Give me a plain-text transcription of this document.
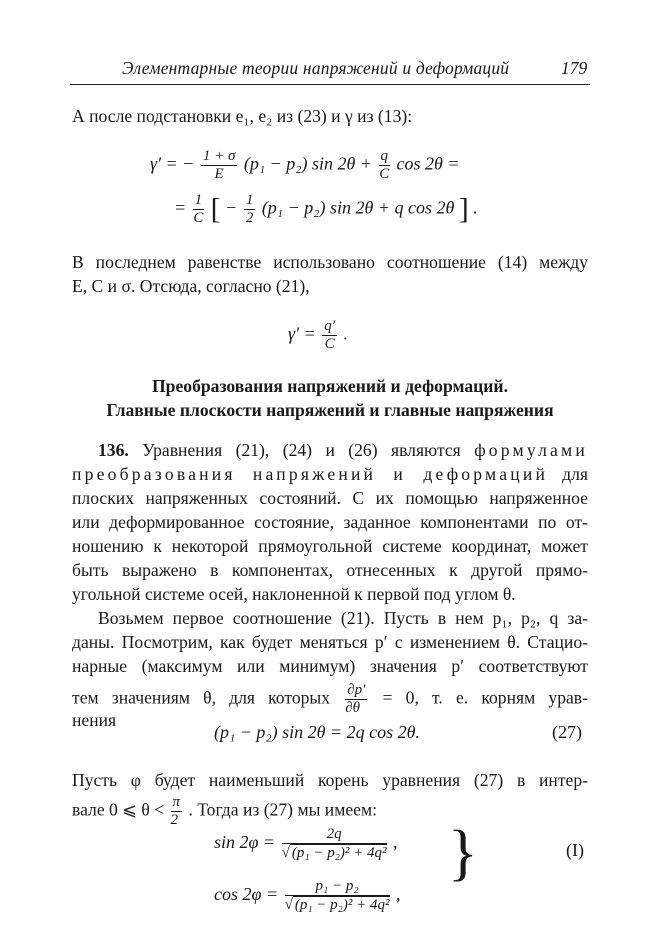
Элементарные теории напряжений и деформаций	179
А после подстановки e₁, e₂ из (23) и γ из (13):
γ′ = − $\frac{1 + \sigma}{E} (p_1 - p_2)$ $\sin 2\theta + \frac{q}{C}$ cos 2θ =
= $\frac{1}{C}$ [ − $\frac{1}{2} (p_1 - p_2)$ sin 2θ + q cos 2θ ] .
В последнем равенстве использовано соотношение (14) между
E, C и σ. Отсюда, согласно (21),
$\gamma' = \frac{q'}{C}$ .
Преобразования напряжений и деформаций.
Главные плоскости напряжений и главные напряжения
136. Уравнения (21), (24) и (26) являются формулами
преобразования напряжений и деформаций для
плоских напряженных состояний. С их помощью напряженное
или деформированное состояние, заданное компонентами по от-
ношению к некоторой прямоугольной системе координат, может
быть выражено в компонентах, отнесенных к другой прямо-
угольной системе осей, наклоненной к первой под углом θ.
Возьмем первое соотношение (21). Пусть в нем p₁, p₂, q за-
даны. Посмотрим, как будет меняться p′ с изменением θ. Стацио-
нарные (максимум или минимум) значения p′ соответствуют
тем значениям θ, для которых $\frac{\partial p'}{\partial\theta} = 0$, т. е. корням урав-
нения
(p₁ − p₂) sin 2θ = 2q cos 2θ.	(27)
Пусть φ будет наименьший корень уравнения (27) в интер-
вале 0 ⩽ $\theta < \frac{\pi}{2}$ . Тогда из (27) мы имеем:
$\sin 2\varphi = \frac{2q}{\text{√ (p₁ − p₂)² + 4q²}}$ ,
$\cos 2\varphi = \frac{\text{p₁ − p₂}}{\text{√ (p₁ − p₂)² + 4q²}}$ ,
}	(I)
